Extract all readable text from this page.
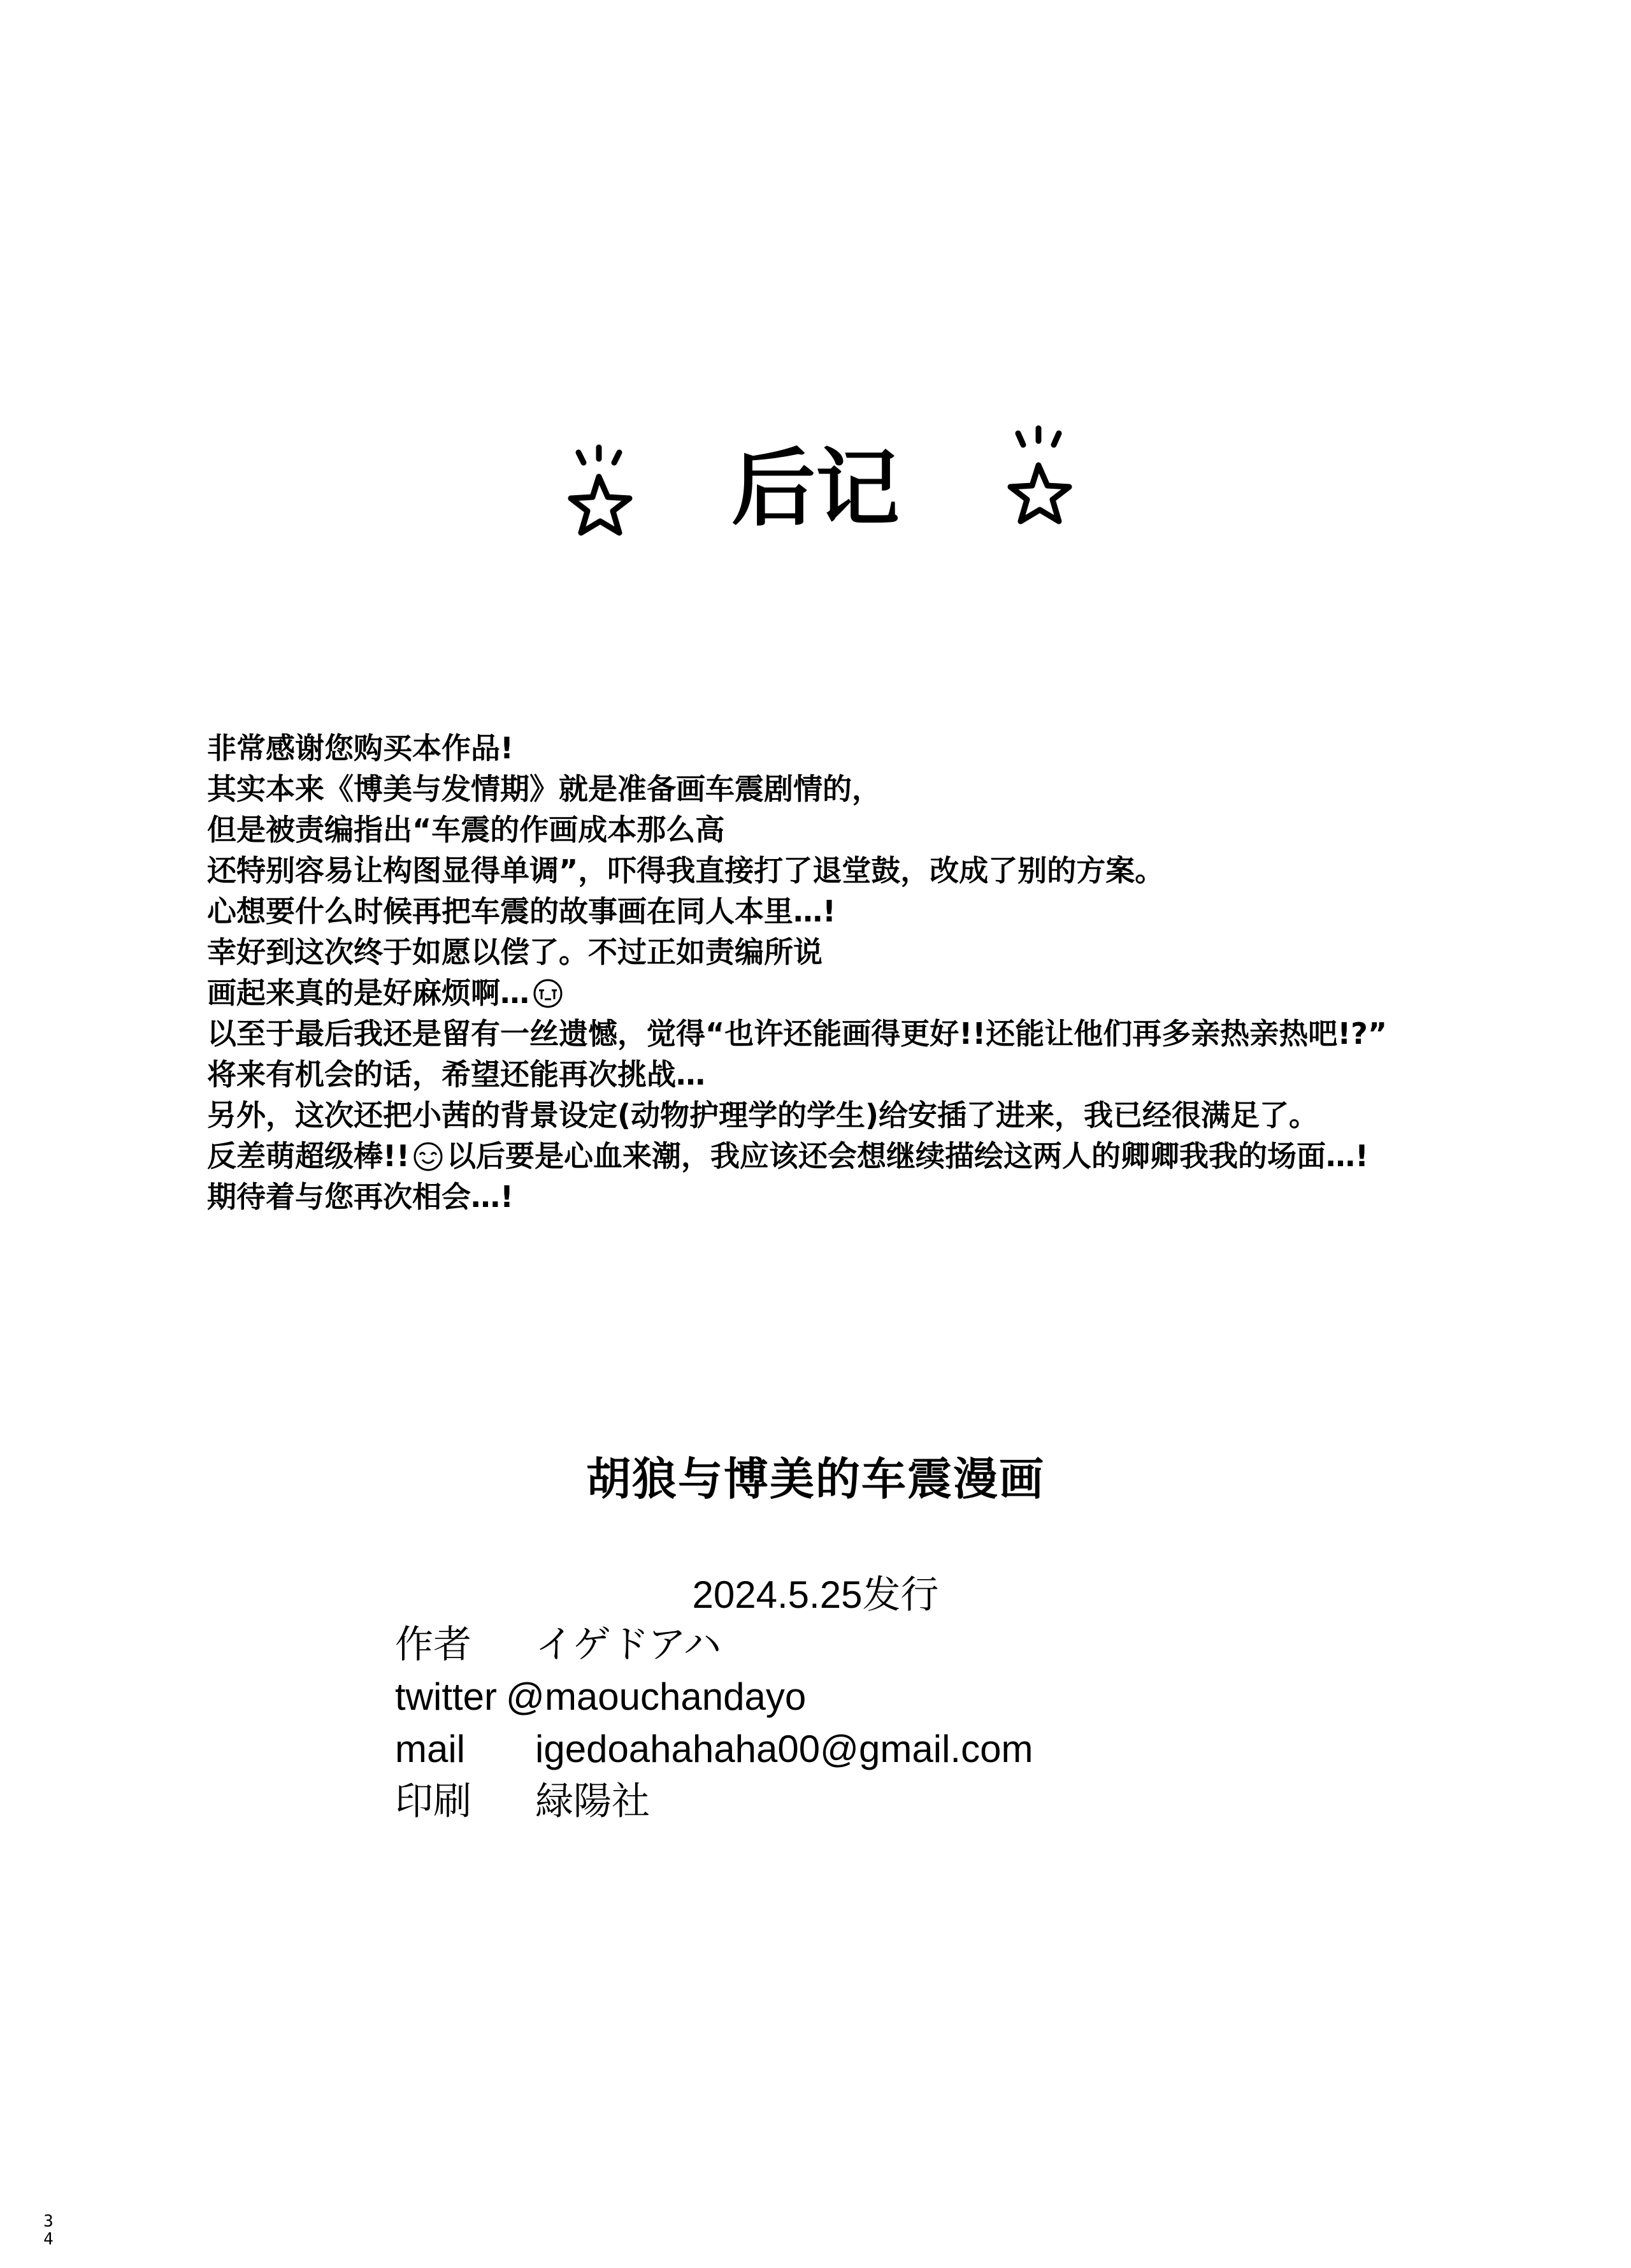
后记
非常感谢您购买本作品!
其实本来《博美与发情期》就是准备画车震剧情的，
但是被责编指出“车震的作画成本那么高
还特别容易让构图显得单调”，吓得我直接打了退堂鼓，改成了别的方案。
心想要什么时候再把车震的故事画在同人本里…!
幸好到这次终于如愿以偿了。不过正如责编所说
画起来真的是好麻烦啊…
以至于最后我还是留有一丝遗憾，觉得“也许还能画得更好!!还能让他们再多亲热亲热吧!?”
将来有机会的话，希望还能再次挑战…
另外，这次还把小茜的背景设定(动物护理学的学生)给安插了进来，我已经很满足了。
反差萌超级棒!! 以后要是心血来潮，我应该还会想继续描绘这两人的卿卿我我的场面…!
期待着与您再次相会…!
胡狼与博美的车震漫画
2024.5.25发行
作者	イゲドアハ
twitter @maouchandayo
mail	igedoahahaha00@gmail.com
印刷	緑陽社
3
4
